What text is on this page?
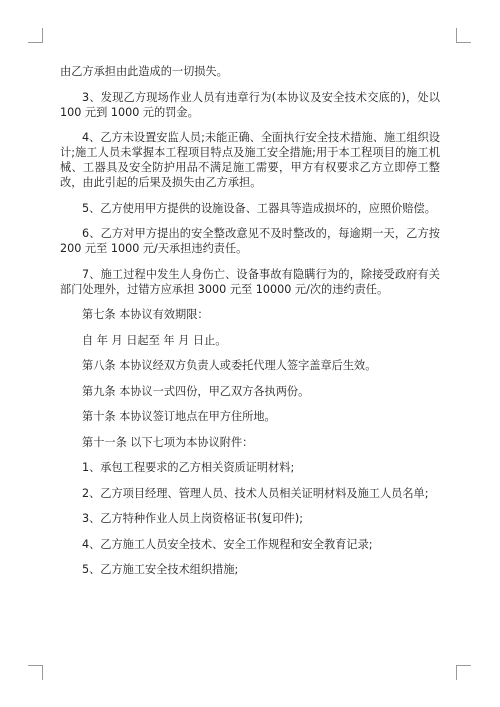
由乙方承担由此造成的一切损失。

3、发现乙方现场作业人员有违章行为(本协议及安全技术交底的)，处以 100 元到 1000 元的罚金。

4、乙方未设置安监人员;未能正确、全面执行安全技术措施、施工组织设计;施工人员未掌握本工程项目特点及施工安全措施;用于本工程项目的施工机械、工器具及安全防护用品不满足施工需要，甲方有权要求乙方立即停工整改，由此引起的后果及损失由乙方承担。

5、乙方使用甲方提供的设施设备、工器具等造成损坏的，应照价赔偿。

6、乙方对甲方提出的安全整改意见不及时整改的，每逾期一天，乙方按 200 元至 1000 元/天承担违约责任。

7、施工过程中发生人身伤亡、设备事故有隐瞒行为的，除接受政府有关部门处理外，过错方应承担 3000 元至 10000 元/次的违约责任。

第七条 本协议有效期限：

自 年 月 日起至 年 月 日止。

第八条 本协议经双方负责人或委托代理人签字盖章后生效。

第九条 本协议一式四份，甲乙双方各执两份。

第十条 本协议签订地点在甲方住所地。

第十一条 以下七项为本协议附件：

1、承包工程要求的乙方相关资质证明材料;

2、乙方项目经理、管理人员、技术人员相关证明材料及施工人员名单;

3、乙方特种作业人员上岗资格证书(复印件);

4、乙方施工人员安全技术、安全工作规程和安全教育记录;

5、乙方施工安全技术组织措施;
